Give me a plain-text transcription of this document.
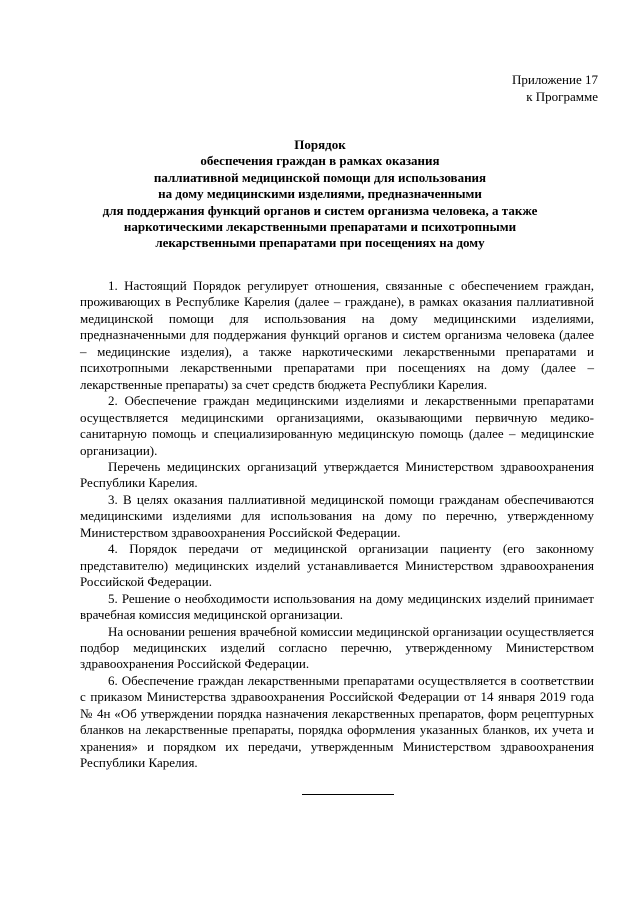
Приложение 17
к Программе
Порядок
обеспечения граждан в рамках оказания
паллиативной медицинской помощи для использования
на дому медицинскими изделиями, предназначенными
для поддержания функций органов и систем организма человека, а также
наркотическими лекарственными препаратами и психотропными
лекарственными препаратами при посещениях на дому

1. Настоящий Порядок регулирует отношения, связанные с обеспечением граждан, проживающих в Республике Карелия (далее – граждане), в рамках оказания паллиативной медицинской помощи для использования на дому медицинскими изделиями, предназначенными для поддержания функций органов и систем организма человека (далее – медицинские изделия), а также наркотическими лекарственными препаратами и психотропными лекарственными препаратами при посещениях на дому (далее – лекарственные препараты) за счет средств бюджета Республики Карелия.

2. Обеспечение граждан медицинскими изделиями и лекарственными препаратами осуществляется медицинскими организациями, оказывающими первичную медико-санитарную помощь и специализированную медицинскую помощь (далее – медицинские организации).

Перечень медицинских организаций утверждается Министерством здравоохранения Республики Карелия.

3. В целях оказания паллиативной медицинской помощи гражданам обеспечиваются медицинскими изделиями для использования на дому по перечню, утвержденному Министерством здравоохранения Российской Федерации.

4. Порядок передачи от медицинской организации пациенту (его законному представителю) медицинских изделий устанавливается Министерством здравоохранения Российской Федерации.

5. Решение о необходимости использования на дому медицинских изделий принимает врачебная комиссия медицинской организации.

На основании решения врачебной комиссии медицинской организации осуществляется подбор медицинских изделий согласно перечню, утвержденному Министерством здравоохранения Российской Федерации.

6. Обеспечение граждан лекарственными препаратами осуществляется в соответствии с приказом Министерства здравоохранения Российской Федерации от 14 января 2019 года № 4н «Об утверждении порядка назначения лекарственных препаратов, форм рецептурных бланков на лекарственные препараты, порядка оформления указанных бланков, их учета и хранения» и порядком их передачи, утвержденным Министерством здравоохранения Республики Карелия.
